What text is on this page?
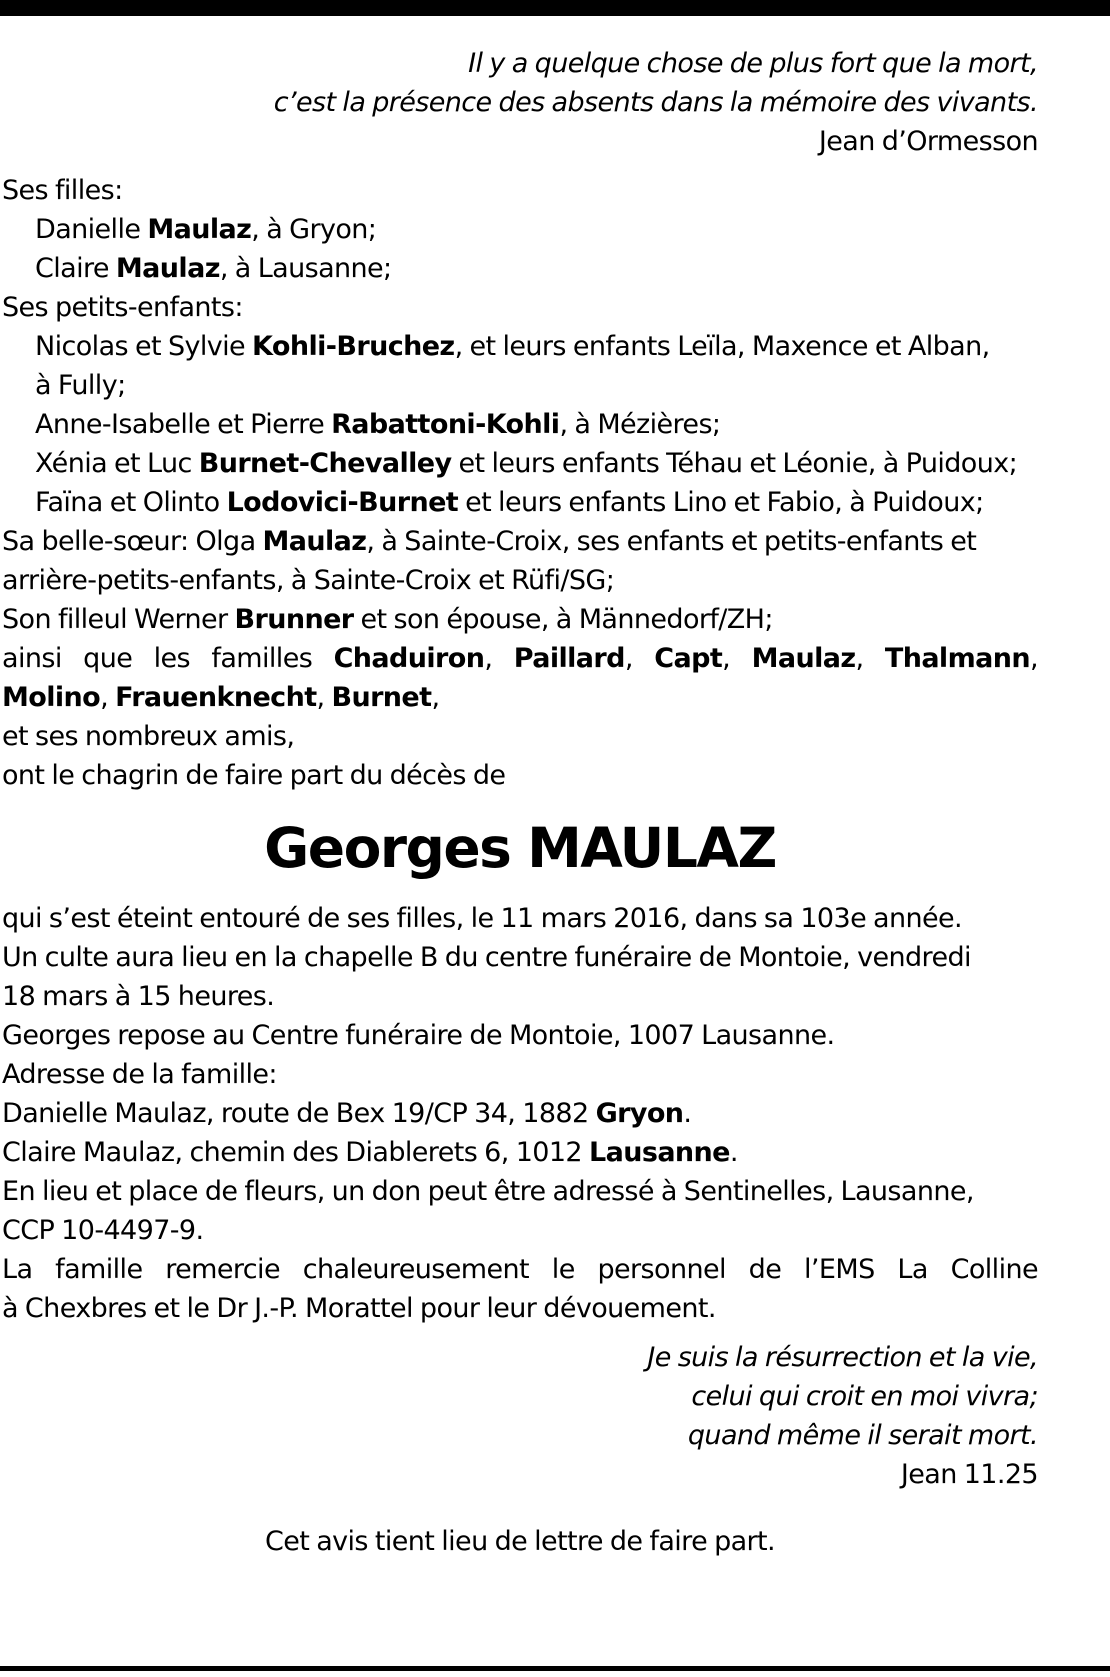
Il y a quelque chose de plus fort que la mort,
c’est la présence des absents dans la mémoire des vivants.
Jean d’Ormesson
Ses filles:
Danielle Maulaz, à Gryon;
Claire Maulaz, à Lausanne;
Ses petits-enfants:
Nicolas et Sylvie Kohli-Bruchez, et leurs enfants Leïla, Maxence et Alban,
à Fully;
Anne-Isabelle et Pierre Rabattoni-Kohli, à Mézières;
Xénia et Luc Burnet-Chevalley et leurs enfants Téhau et Léonie, à Puidoux;
Faïna et Olinto Lodovici-Burnet et leurs enfants Lino et Fabio, à Puidoux;
Sa belle-sœur: Olga Maulaz, à Sainte-Croix, ses enfants et petits-enfants et
arrière-petits-enfants, à Sainte-Croix et Rüfi/SG;
Son filleul Werner Brunner et son épouse, à Männedorf/ZH;
ainsi que les familles Chaduiron, Paillard, Capt, Maulaz, Thalmann,
Molino, Frauenknecht, Burnet,
et ses nombreux amis,
ont le chagrin de faire part du décès de
Georges MAULAZ
qui s’est éteint entouré de ses filles, le 11 mars 2016, dans sa 103e année.
Un culte aura lieu en la chapelle B du centre funéraire de Montoie, vendredi
18 mars à 15 heures.
Georges repose au Centre funéraire de Montoie, 1007 Lausanne.
Adresse de la famille:
Danielle Maulaz, route de Bex 19/CP 34, 1882 Gryon.
Claire Maulaz, chemin des Diablerets 6, 1012 Lausanne.
En lieu et place de fleurs, un don peut être adressé à Sentinelles, Lausanne,
CCP 10-4497-9.
La famille remercie chaleureusement le personnel de l’EMS La Colline
à Chexbres et le Dr J.-P. Morattel pour leur dévouement.
Je suis la résurrection et la vie,
celui qui croit en moi vivra;
quand même il serait mort.
Jean 11.25
Cet avis tient lieu de lettre de faire part.
